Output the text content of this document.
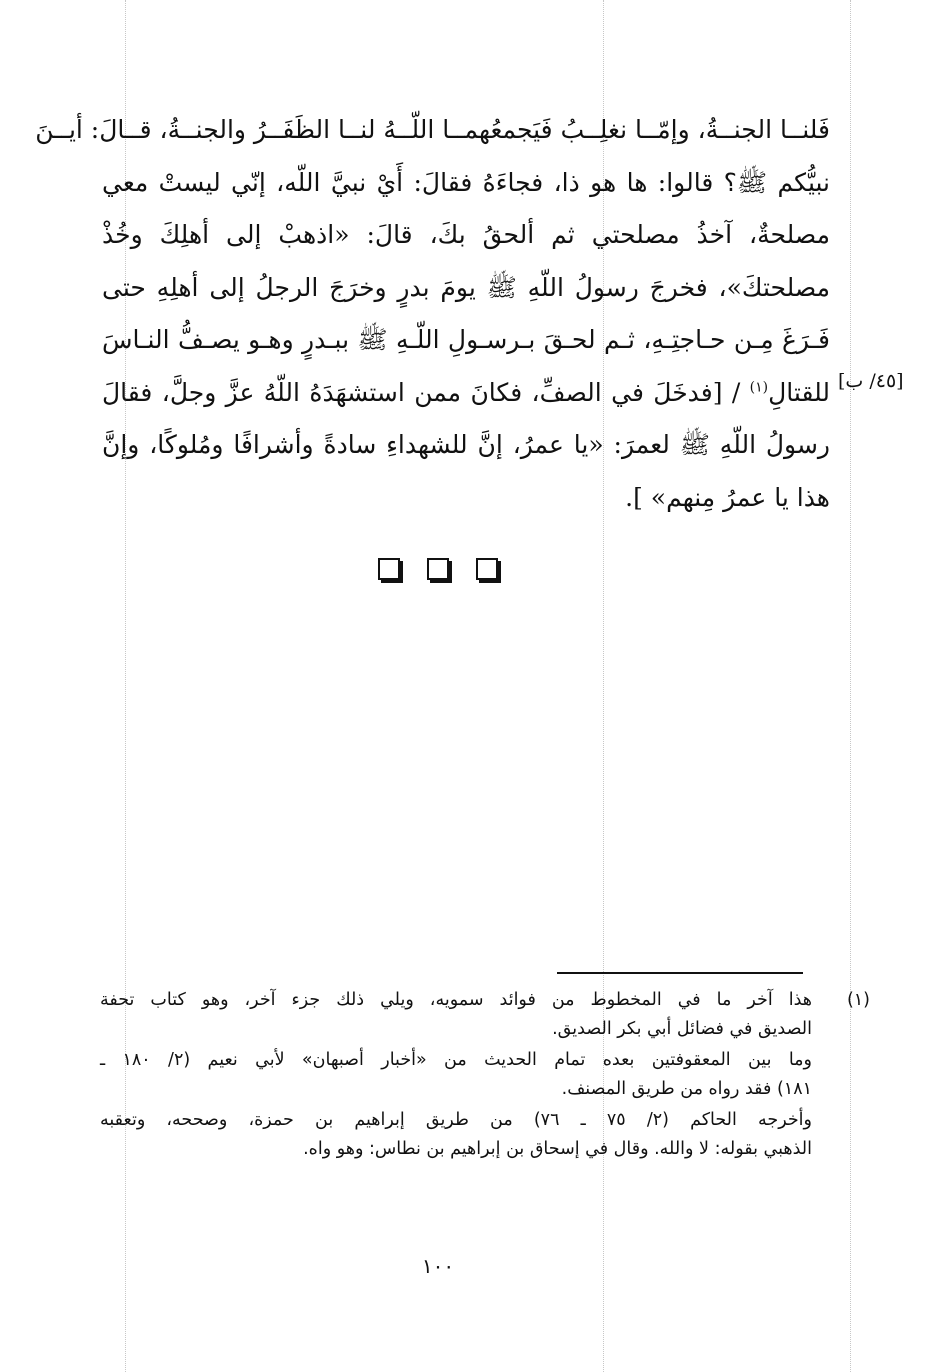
فَلنــا الجنــةُ، وإمّــا نغلِــبُ فَيَجمعُهمــا اللّــهُ لنــا الظَفَــرُ والجنــةُ، قــالَ: أيــنَ
نبيُّكم ﷺ؟ قالوا: ها هو ذا، فجاءَهُ فقالَ: أَيْ نبيَّ اللّه، إنّي ليستْ معي
مصلحةٌ، آخذُ مصلحتي ثم ألحقُ بكَ، قالَ: «اذهبْ إلى أهلِكَ وخُذْ
مصلحتكَ»، فخرجَ رسولُ اللّهِ ﷺ يومَ بدرٍ وخرَجَ الرجلُ إلى أهلِهِ حتى
فَـرَغَ مِـن حـاجتِـهِ، ثـم لحـقَ بـرسـولِ اللّـهِ ﷺ ببـدرٍ وهـو يصـفُّ النـاسَ
للقتالِ$^{(١)}$ / [فدخَلَ في الصفِّ، فكانَ ممن استشهَدَهُ اللّهُ عزَّ وجلَّ، فقالَ
رسولُ اللّهِ ﷺ لعمرَ: «يا عمرُ، إنَّ للشهداءِ سادةً وأشرافًا ومُلوكًا، وإنَّ
هذا يا عمرُ مِنهم» ].
[٤٥/ ب]
(١)
هذا آخر ما في المخطوط من فوائد سمويه، ويلي ذلك جزء آخر، وهو كتاب تحفة
الصديق في فضائل أبي بكر الصديق.
وما بين المعقوفتين بعده تمام الحديث من «أخبار أصبهان» لأبي نعيم (٢/ ١٨٠ ـ
١٨١) فقد رواه من طريق المصنف.
وأخرجه الحاكم (٢/ ٧٥ ـ ٧٦) من طريق إبراهيم بن حمزة، وصححه، وتعقبه
الذهبي بقوله: لا والله. وقال في إسحاق بن إبراهيم بن نطاس: وهو واه.
١٠٠
